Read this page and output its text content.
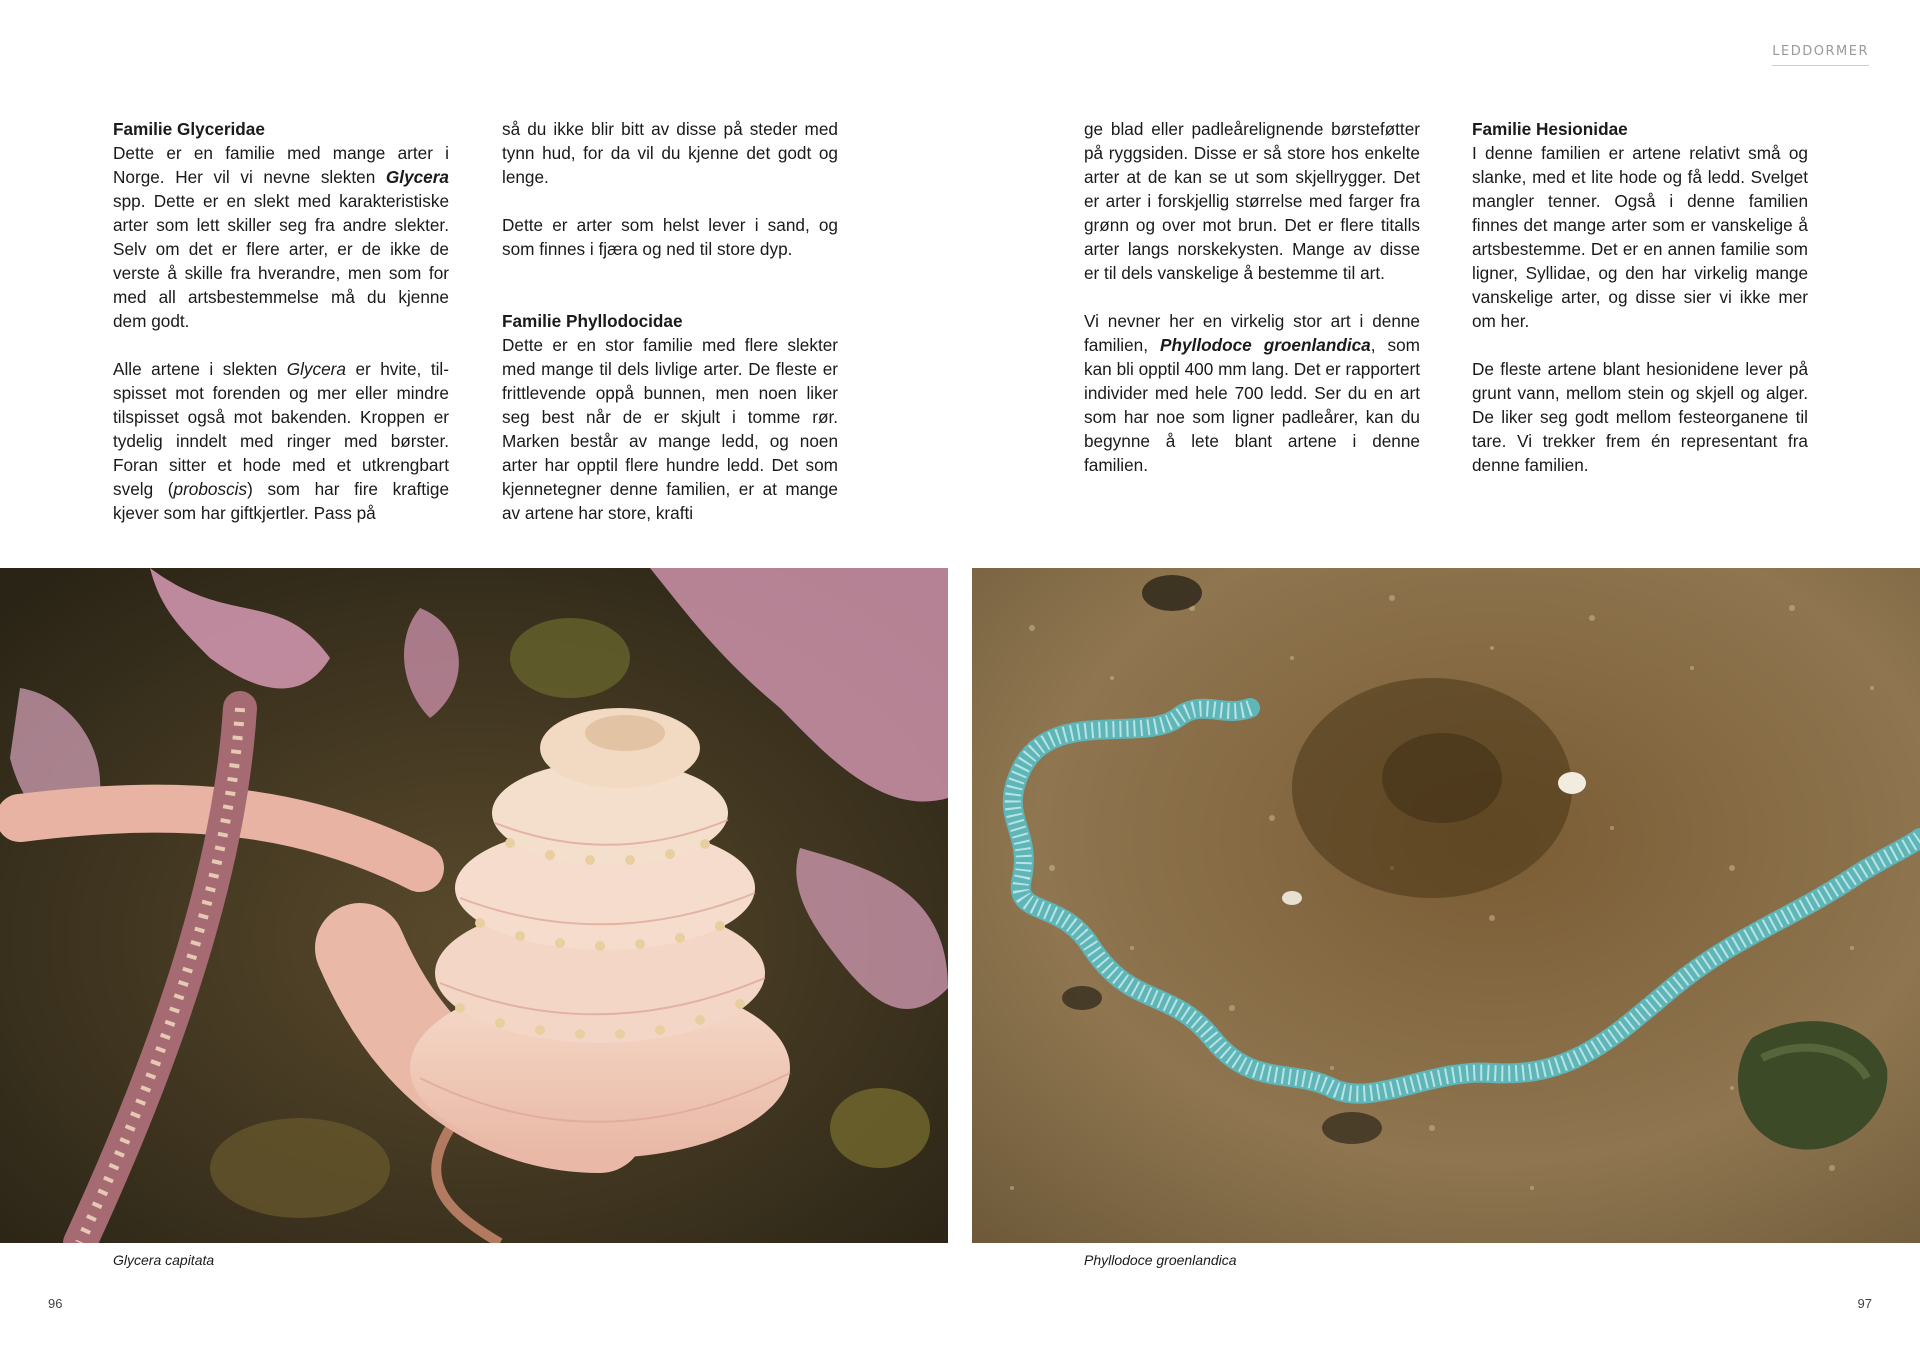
LEDDORMER
Familie Glyceridae

Dette er en familie med mange arter i Norge. Her vil vi nevne slekten Glycera spp. Dette er en slekt med karakteristiske arter som lett skiller seg fra andre slekter. Selv om det er flere arter, er de ikke de verste å skille fra hverandre, men som for med all artsbestemmelse må du kjenne dem godt.

Alle artene i slekten Glycera er hvite, tilspisset mot forenden og mer eller mindre tilspisset også mot bakenden. Kroppen er tydelig inndelt med ringer med børster. Foran sitter et hode med et utkrengbart svelg (proboscis) som har fire kraftige kjever som har giftkjertler. Pass på

så du ikke blir bitt av disse på steder med tynn hud, for da vil du kjenne det godt og lenge.

Dette er arter som helst lever i sand, og som finnes i fjæra og ned til store dyp.

Familie Phyllodocidae

Dette er en stor familie med flere slekter med mange til dels livlige arter. De fleste er frittlevende oppå bunnen, men noen liker seg best når de er skjult i tomme rør. Marken består av mange ledd, og noen arter har opptil flere hundre ledd. Det som kjennetegner denne familien, er at mange av artene har store, krafti

ge blad eller padleårelignende børsteføtter på ryggsiden. Disse er så store hos enkelte arter at de kan se ut som skjellrygger. Det er arter i forskjellig størrelse med farger fra grønn og over mot brun. Det er flere titalls arter langs norskekysten. Mange av disse er til dels vanskelige å bestemme til art.

Vi nevner her en virkelig stor art i denne familien, Phyllodoce groenlandica, som kan bli opptil 400 mm lang. Det er rapportert individer med hele 700 ledd. Ser du en art som har noe som ligner padleårer, kan du begynne å lete blant artene i denne familien.

Familie Hesionidae

I denne familien er artene relativt små og slanke, med et lite hode og få ledd. Svelget mangler tenner. Også i denne familien finnes det mange arter som er vanskelige å artsbestemme. Det er en annen familie som ligner, Syllidae, og den har virkelig mange vanskelige arter, og disse sier vi ikke mer om her.

De fleste artene blant hesionidene lever på grunt vann, mellom stein og skjell og alger. De liker seg godt mellom festeorganene til tare. Vi trekker frem én representant fra denne familien.

Glycera capitata	Phyllodoce groenlandica
96	97
